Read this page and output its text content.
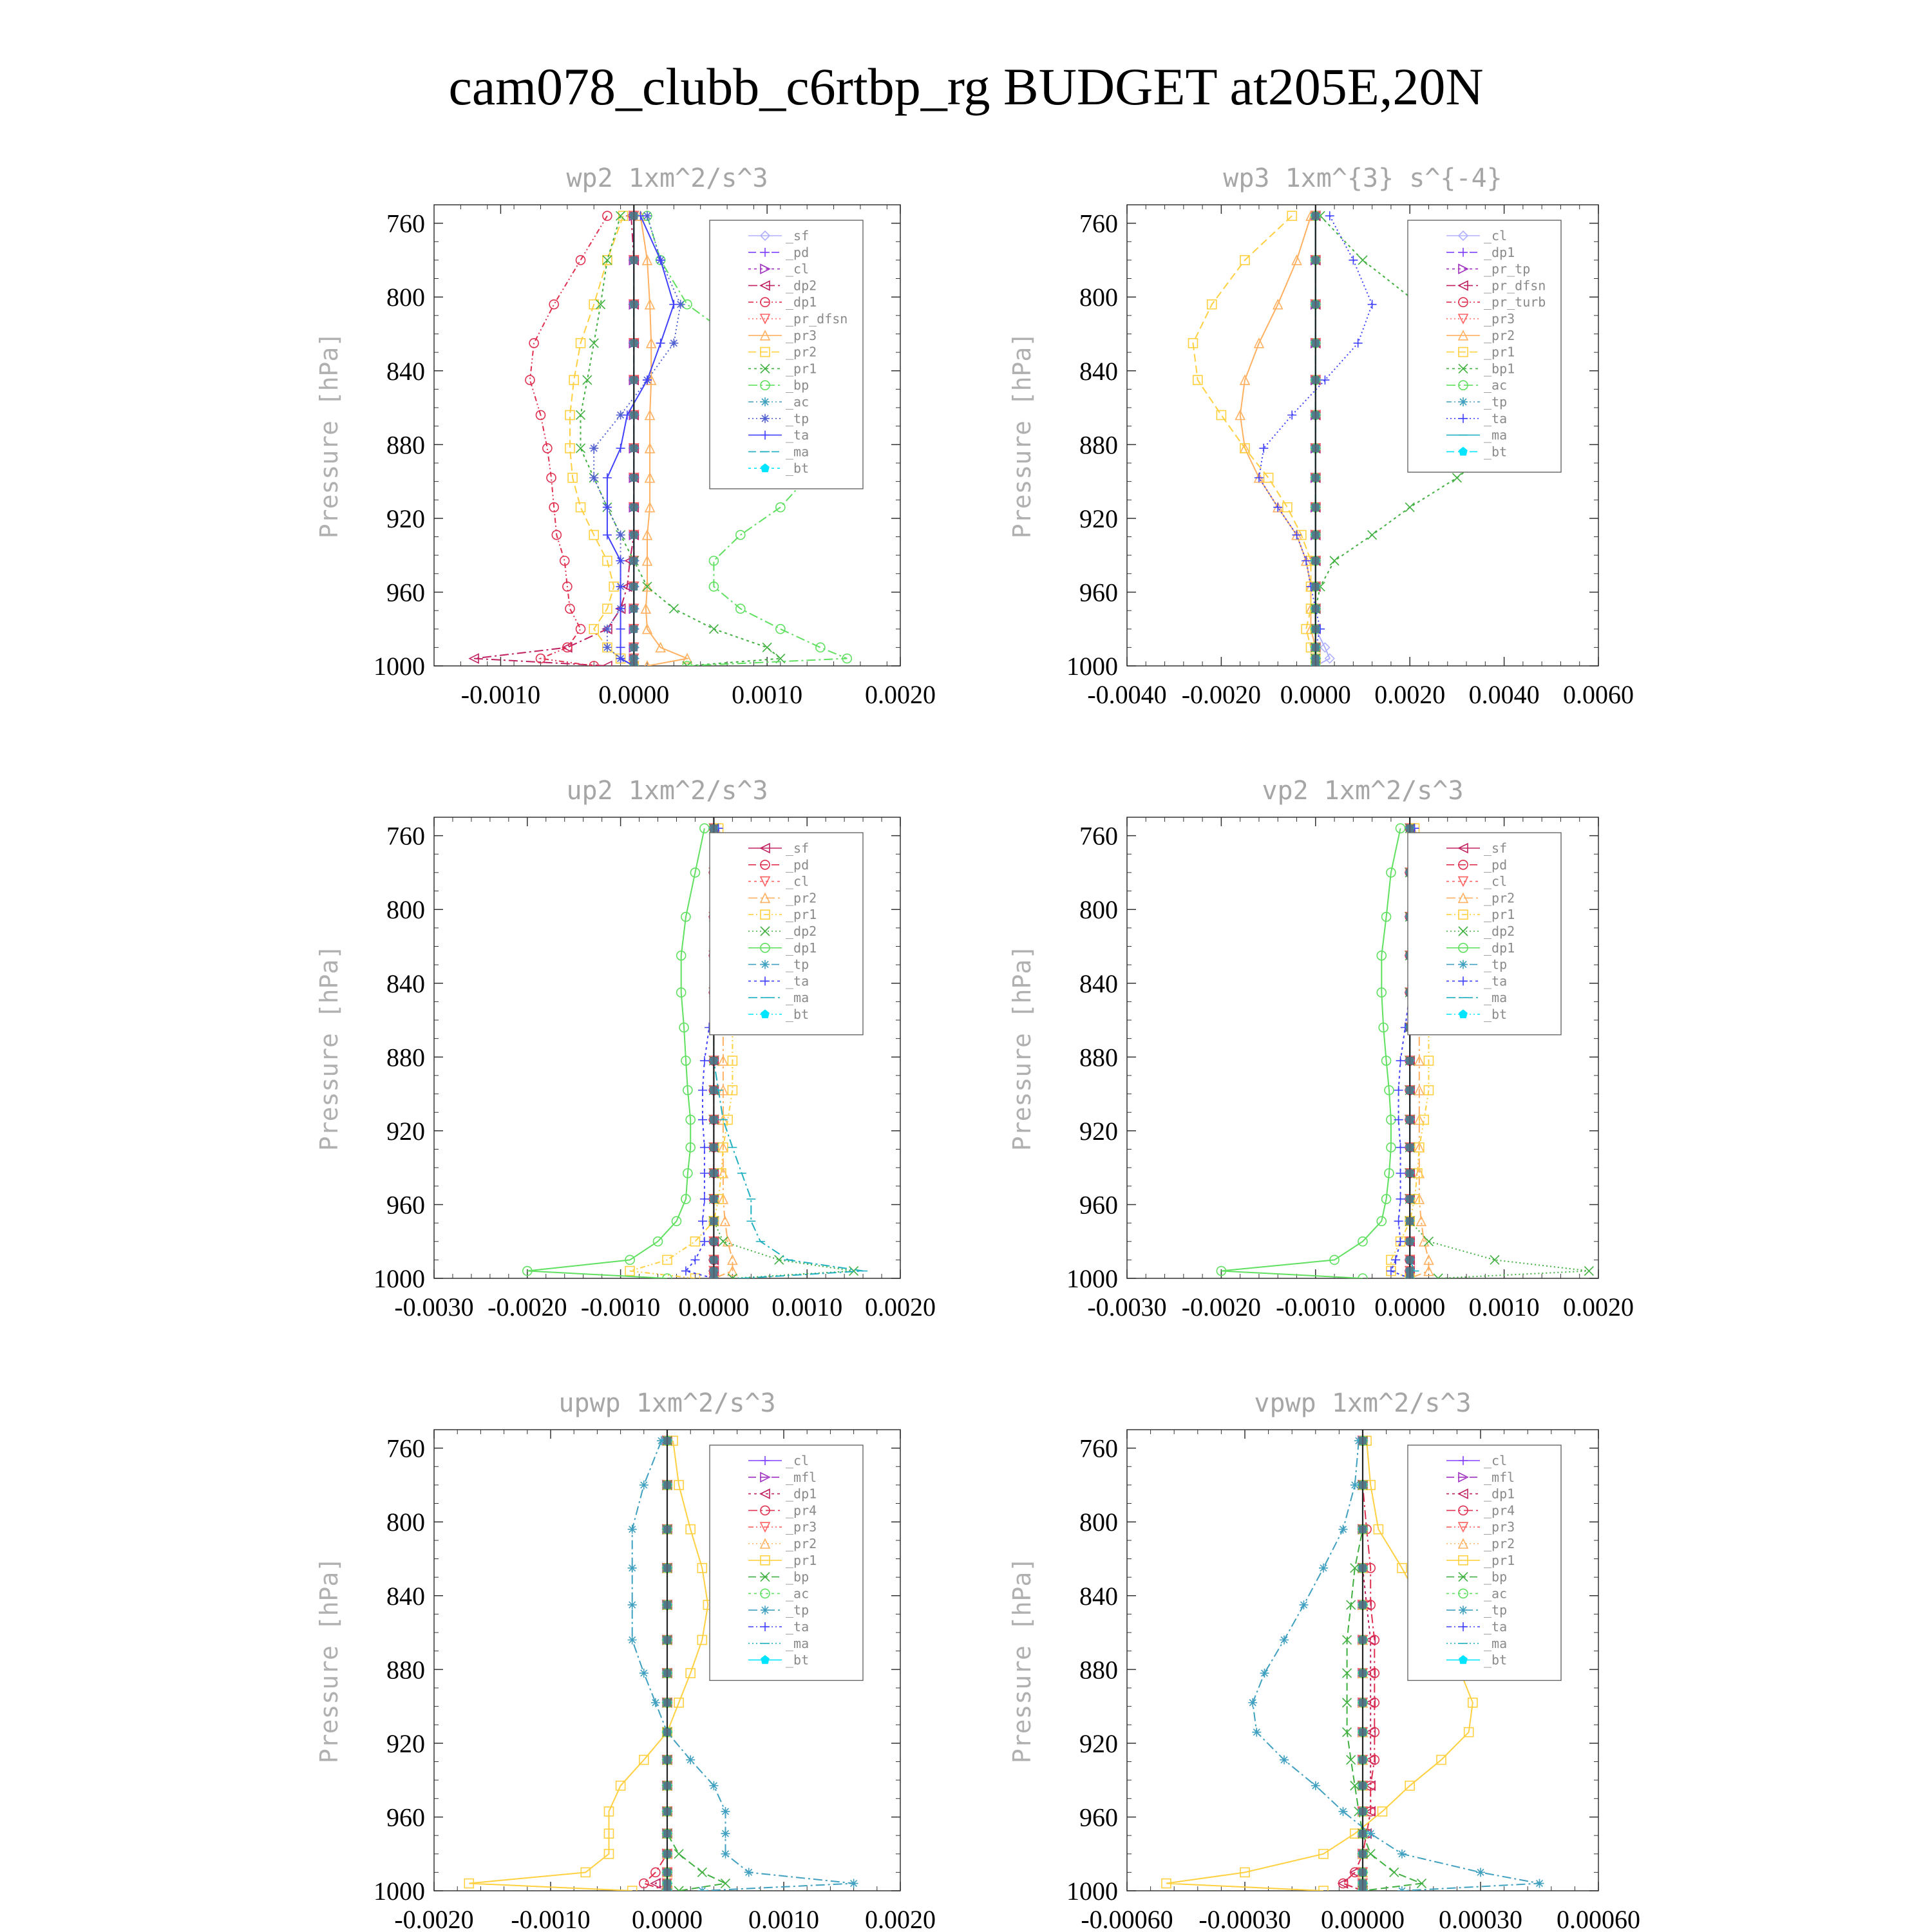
cam078_clubb_c6rtbp_rg BUDGET at205E,20N
wp2 1xm^2/s^3
Pressure [hPa]
760
800
840
880
920
960
1000
-0.0010 0.0000 0.0010 0.0020
_sf
_pd
_cl
_dp2
_dp1
_pr_dfsn
_pr3
_pr2
_pr1
_bp
_ac
_tp
_ta
_ma
_bt
wp3 1xm^{3} s^{-4}
Pressure [hPa]
760
800
840
880
920
960
1000
-0.0040 -0.0020 0.0000 0.0020 0.0040 0.0060
_cl
_dp1
_pr_tp
_pr_dfsn
_pr_turb
_pr3
_pr2
_pr1
_bp1
_ac
_tp
_ta
_ma
_bt
up2 1xm^2/s^3
Pressure [hPa]
760
800
840
880
920
960
1000
-0.0030 -0.0020 -0.0010 0.0000 0.0010 0.0020
_sf
_pd
_cl
_pr2
_pr1
_dp2
_dp1
_tp
_ta
_ma
_bt
vp2 1xm^2/s^3
Pressure [hPa]
760
800
840
880
920
960
1000
-0.0030 -0.0020 -0.0010 0.0000 0.0010 0.0020
_sf
_pd
_cl
_pr2
_pr1
_dp2
_dp1
_tp
_ta
_ma
_bt
upwp 1xm^2/s^3
Pressure [hPa]
760
800
840
880
920
960
1000
-0.0020 -0.0010 0.0000 0.0010 0.0020
_cl
_mfl
_dp1
_pr4
_pr3
_pr2
_pr1
_bp
_ac
_tp
_ta
_ma
_bt
vpwp 1xm^2/s^3
Pressure [hPa]
760
800
840
880
920
960
1000
-0.00060 -0.00030 0.00000 0.00030 0.00060
_cl
_mfl
_dp1
_pr4
_pr3
_pr2
_pr1
_bp
_ac
_tp
_ta
_ma
_bt
